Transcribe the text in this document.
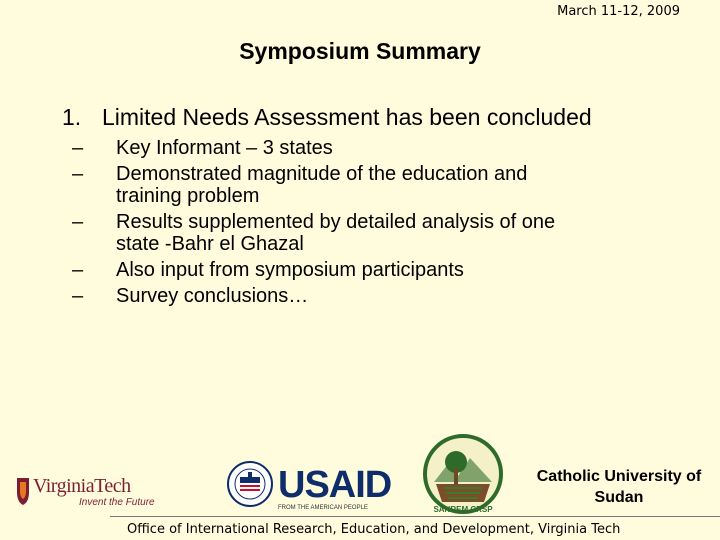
March 11-12, 2009
Symposium Summary
1. Limited Needs Assessment has been concluded
– Key Informant – 3 states
– Demonstrated magnitude of the education and
training problem
– Results supplemented by detailed analysis of one
state -Bahr el Ghazal
– Also input from symposium participants
– Survey conclusions…
VirginiaTech
Invent the Future	USAID
FROM THE AMERICAN PEOPLE	SANREM CRSP
Catholic University of
Sudan
Office of International Research, Education, and Development, Virginia Tech
